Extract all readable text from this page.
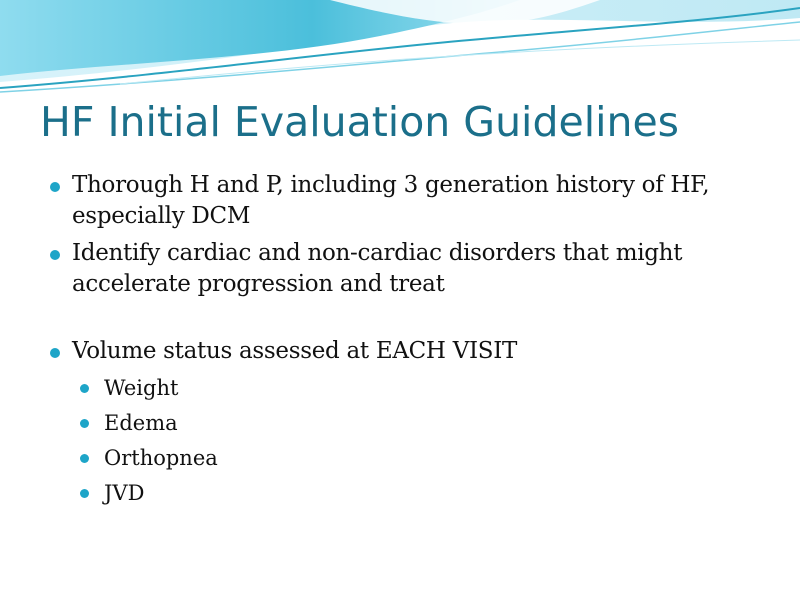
HF Initial Evaluation Guidelines
Thorough H and P, including 3 generation history of HF, especially DCM
Identify cardiac and non-cardiac disorders that might accelerate progression and treat
Volume status assessed at EACH VISIT
Weight
Edema
Orthopnea
JVD
